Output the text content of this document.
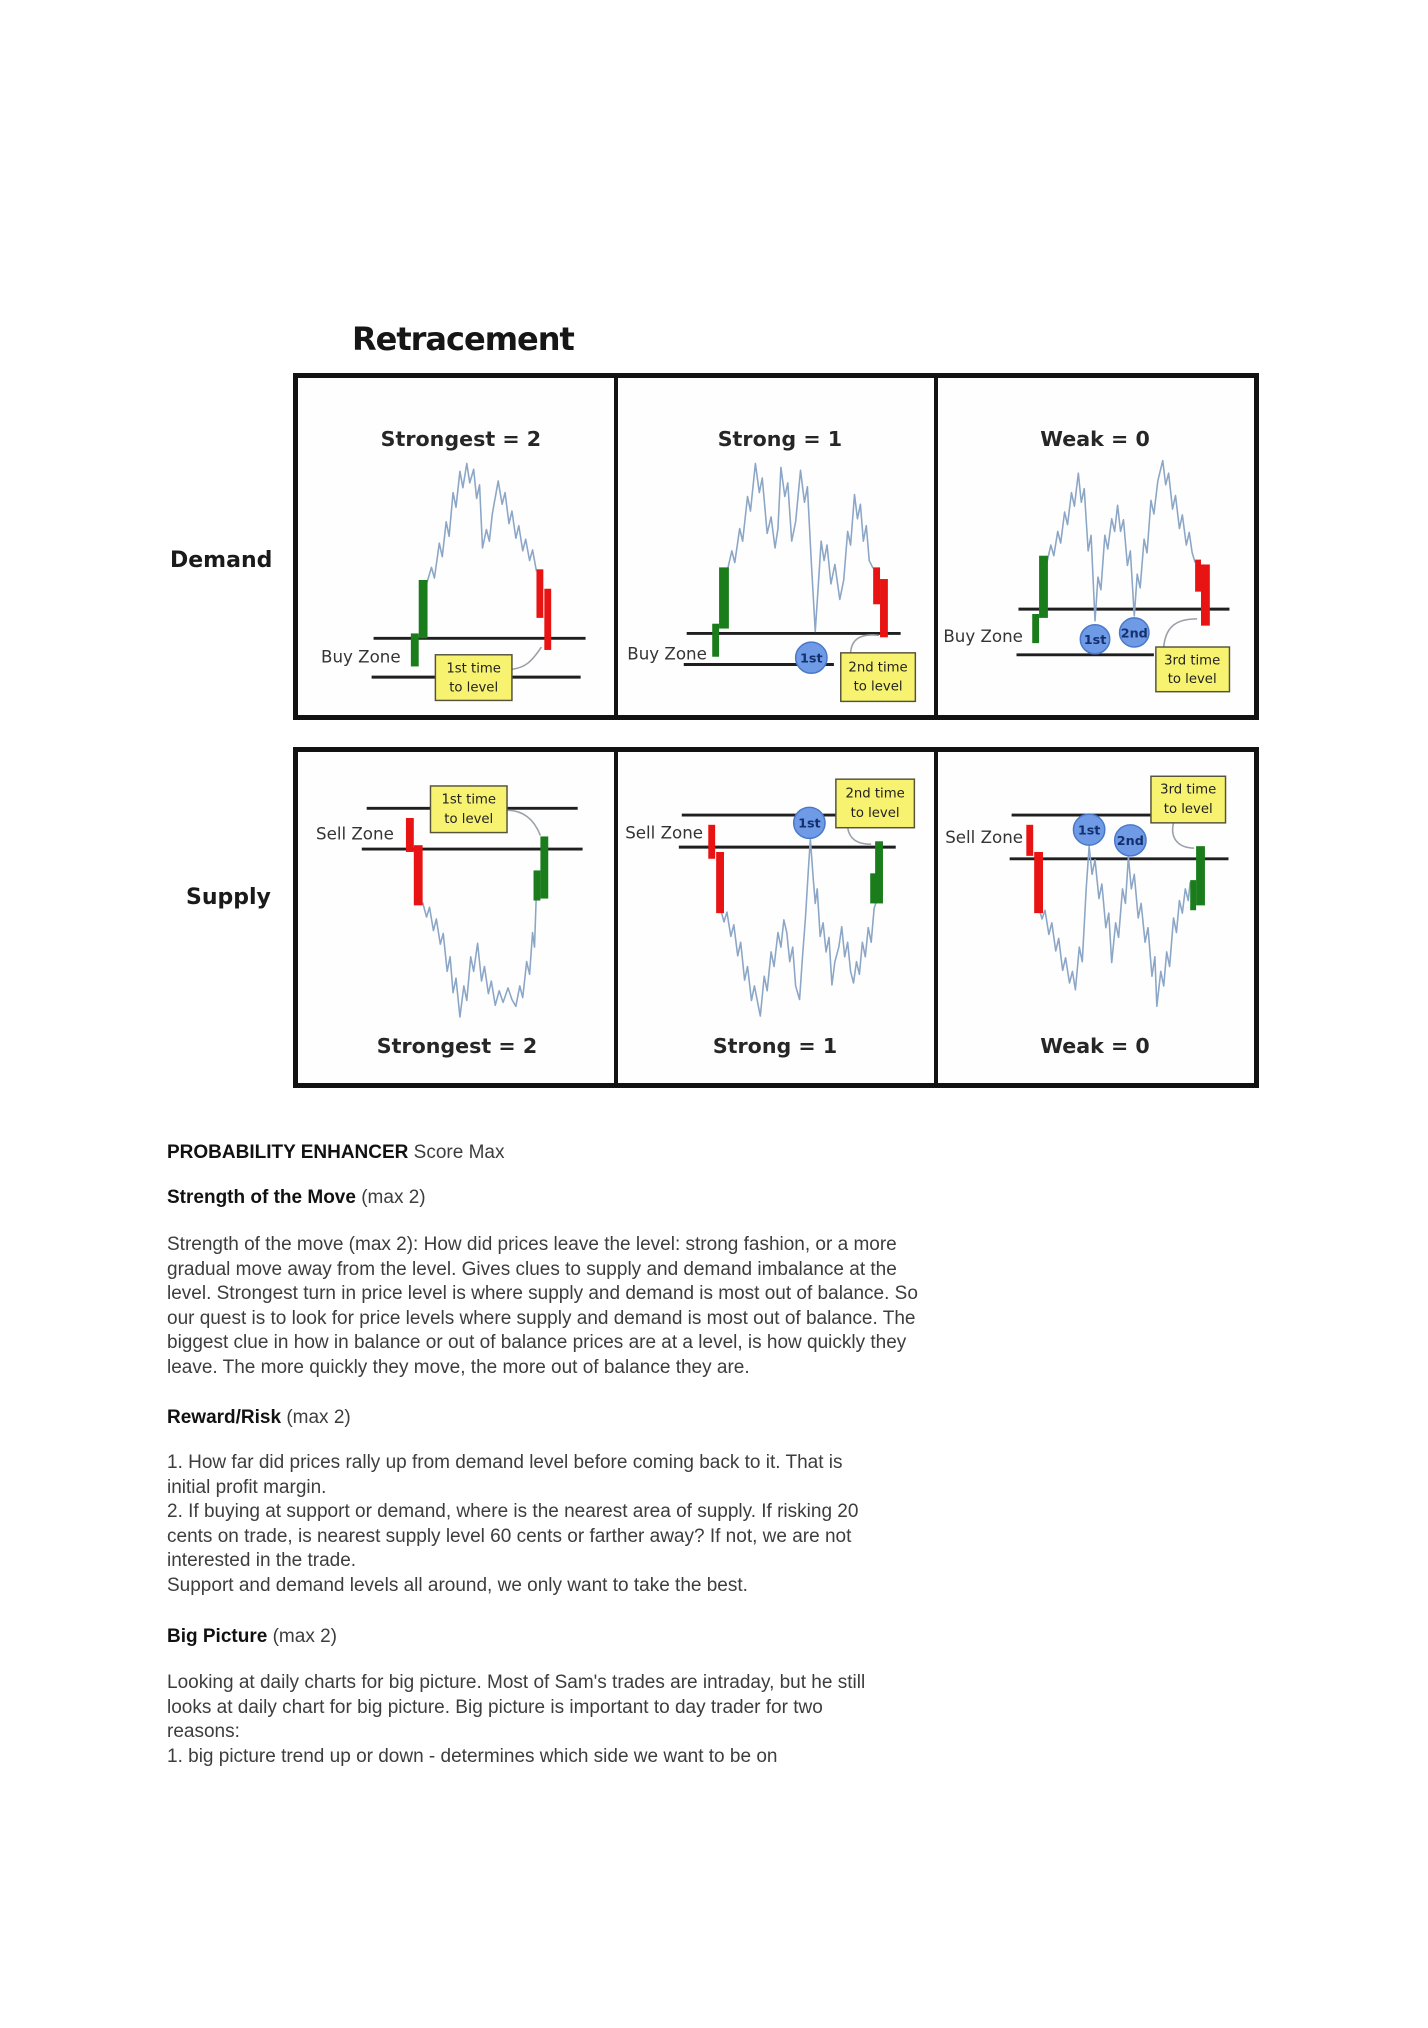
Retracement
Demand
Supply
Strongest = 2
Buy Zone
1st time
to level
Strong = 1
Buy Zone	1st
2nd time
to level
Weak = 0
Buy Zone	1st 2nd
3rd time
to level
Sell Zone
1st time
to level
Strongest = 2
Sell Zone
1st
2nd time
to level
Strong = 1
Sell Zone	1st
2nd
3rd time
to level
Weak = 0
PROBABILITY ENHANCER Score Max
Strength of the Move (max 2)
Strength of the move (max 2): How did prices leave the level: strong fashion, or a more
gradual move away from the level. Gives clues to supply and demand imbalance at the
level. Strongest turn in price level is where supply and demand is most out of balance. So
our quest is to look for price levels where supply and demand is most out of balance. The
biggest clue in how in balance or out of balance prices are at a level, is how quickly they
leave. The more quickly they move, the more out of balance they are.
Reward/Risk (max 2)
1. How far did prices rally up from demand level before coming back to it. That is
initial profit margin.
2. If buying at support or demand, where is the nearest area of supply. If risking 20
cents on trade, is nearest supply level 60 cents or farther away? If not, we are not
interested in the trade.
Support and demand levels all around, we only want to take the best.
Big Picture (max 2)
Looking at daily charts for big picture. Most of Sam's trades are intraday, but he still
looks at daily chart for big picture. Big picture is important to day trader for two
reasons:
1. big picture trend up or down - determines which side we want to be on
